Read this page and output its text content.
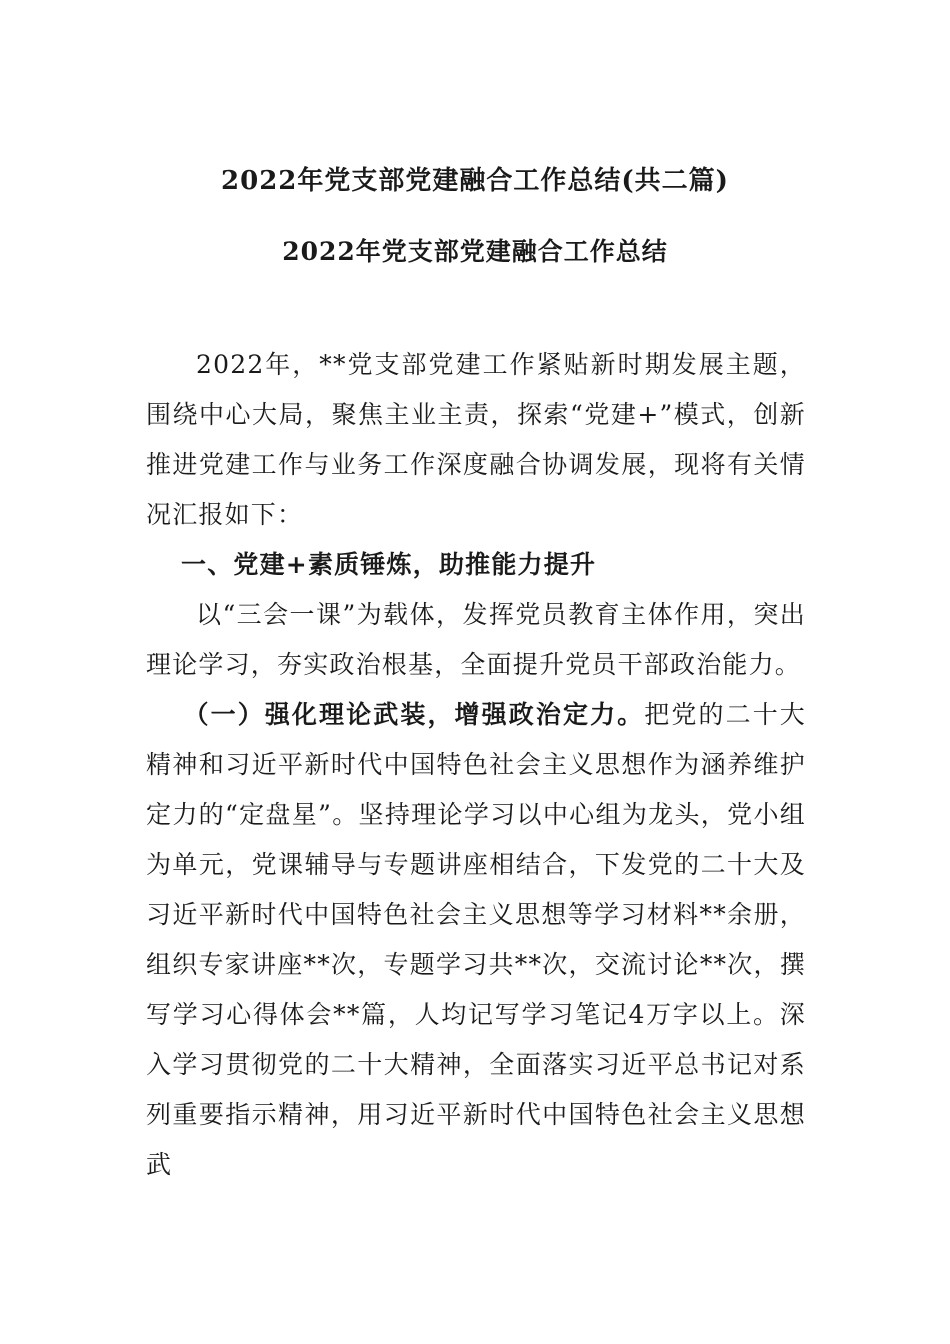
2022年党支部党建融合工作总结(共二篇)
2022年党支部党建融合工作总结

2022年，**党支部党建工作紧贴新时期发展主题，围绕中心大局，聚焦主业主责，探索“党建+”模式，创新推进党建工作与业务工作深度融合协调发展，现将有关情况汇报如下：

一、党建+素质锤炼，助推能力提升

以“三会一课”为载体，发挥党员教育主体作用，突出理论学习，夯实政治根基，全面提升党员干部政治能力。

（一）强化理论武装，增强政治定力。把党的二十大精神和习近平新时代中国特色社会主义思想作为涵养维护定力的“定盘星”。坚持理论学习以中心组为龙头，党小组为单元，党课辅导与专题讲座相结合，下发党的二十大及习近平新时代中国特色社会主义思想等学习材料**余册，组织专家讲座**次，专题学习共**次，交流讨论**次，撰写学习心得体会**篇，人均记写学习笔记4万字以上。深入学习贯彻党的二十大精神，全面落实习近平总书记对系列重要指示精神，用习近平新时代中国特色社会主义思想武
